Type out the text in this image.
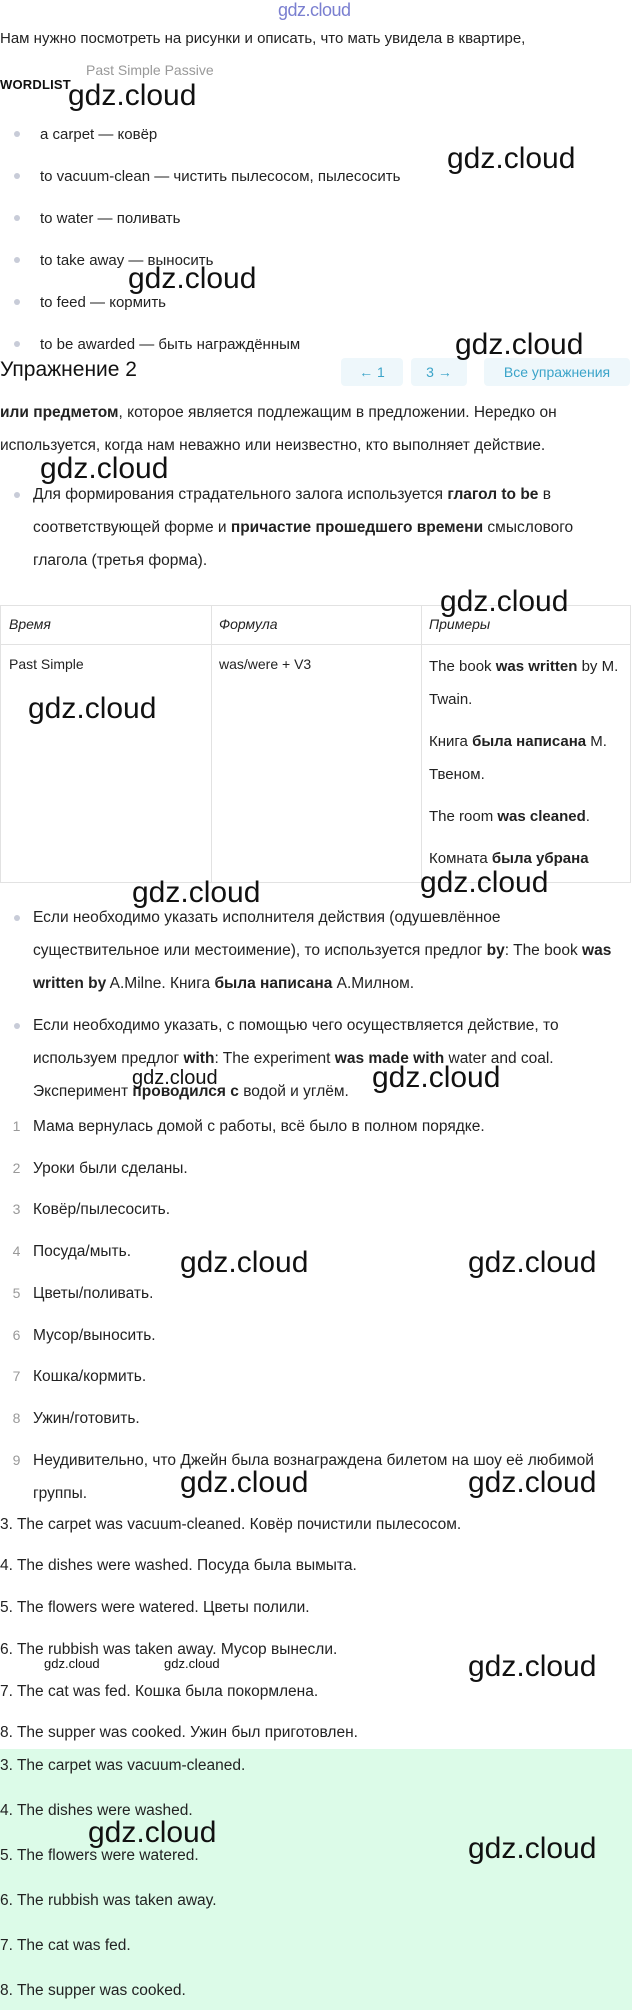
gdz.cloud
Нам нужно посмотреть на рисунки и описать, что мать увидела в квартире,
Past Simple Passive
WORDLIST
a carpet — ковёр
to vacuum-clean — чистить пылесосом, пылесосить
to water — поливать
to take away — выносить
to feed — кормить
to be awarded — быть награждённым
Упражнение 2	← 1	3 →	Все упражнения
или предметом, которое является подлежащим в предложении. Нередко он
используется, когда нам неважно или неизвестно, кто выполняет действие.
Для формирования страдательного залога используется глагол to be в соответствующей форме и причастие прошедшего времени смыслового глагола (третья форма).
Время	Формула	Примеры
Past Simple	was/were + V3	The book was written by M. Twain.
Книга была написана М. Твеном.
The room was cleaned.
Комната была убрана
Если необходимо указать исполнителя действия (одушевлённое существительное или местоимение), то используется предлог by: The book was written by A.Milne. Книга была написана A.Милном.
Если необходимо указать, с помощью чего осуществляется действие, то используем предлог with: The experiment was made with water and coal. Эксперимент проводился с водой и углём.
1 Мама вернулась домой с работы, всё было в полном порядке.
2 Уроки были сделаны.
3 Ковёр/пылесосить.
4 Посуда/мыть.
5 Цветы/поливать.
6 Мусор/выносить.
7 Кошка/кормить.
8 Ужин/готовить.
9 Неудивительно, что Джейн была вознаграждена билетом на шоу её любимой группы.
3. The carpet was vacuum-cleaned. Ковёр почистили пылесосом.
4. The dishes were washed. Посуда была вымыта.
5. The flowers were watered. Цветы полили.
6. The rubbish was taken away. Мусор вынесли.
7. The cat was fed. Кошка была покормлена.
8. The supper was cooked. Ужин был приготовлен.
3. The carpet was vacuum-cleaned.
4. The dishes were washed.
5. The flowers were watered.
6. The rubbish was taken away.
7. The cat was fed.
8. The supper was cooked.
gdz.cloud
gdz.cloud
gdz.cloud
gdz.cloud
gdz.cloud
gdz.cloud
gdz.cloud
gdz.cloud	gdz.cloud
gdz.cloud	gdz.cloud
gdz.cloud	gdz.cloud
gdz.cloud	gdz.cloud
gdz.cloud	gdz.cloud	gdz.cloud
gdz.cloud	gdz.cloud
